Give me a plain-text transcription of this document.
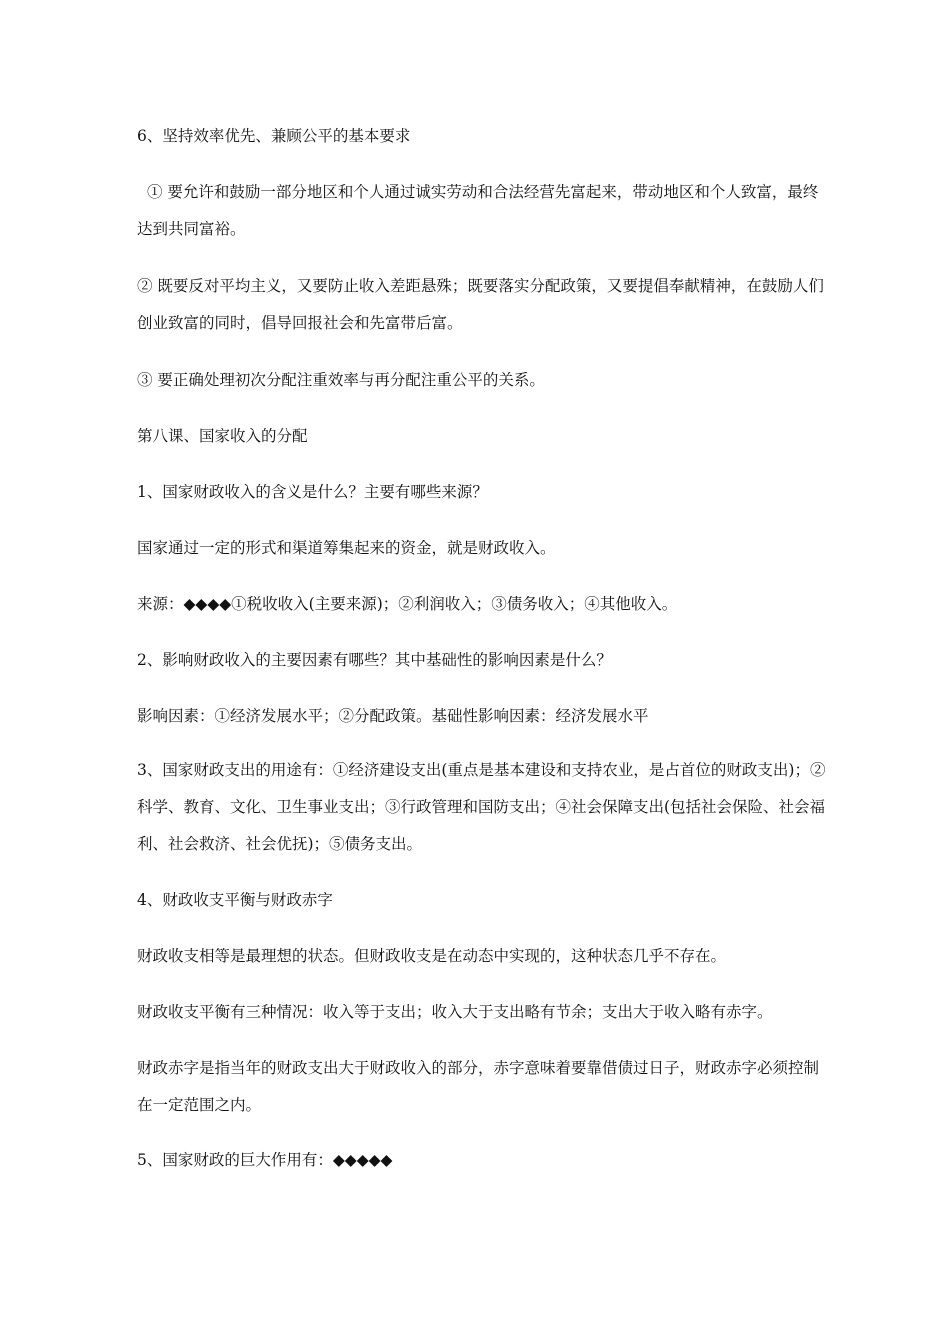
6、坚持效率优先、兼顾公平的基本要求

① 要允许和鼓励一部分地区和个人通过诚实劳动和合法经营先富起来，带动地区和个人致富，最终达到共同富裕。

② 既要反对平均主义，又要防止收入差距悬殊；既要落实分配政策，又要提倡奉献精神，在鼓励人们创业致富的同时，倡导回报社会和先富带后富。

③ 要正确处理初次分配注重效率与再分配注重公平的关系。

第八课、国家收入的分配

1、国家财政收入的含义是什么？主要有哪些来源？

国家通过一定的形式和渠道筹集起来的资金，就是财政收入。

来源：◆◆◆◆①税收收入(主要来源)；②利润收入；③债务收入；④其他收入。

2、影响财政收入的主要因素有哪些？其中基础性的影响因素是什么？

影响因素：①经济发展水平；②分配政策。基础性影响因素：经济发展水平

3、国家财政支出的用途有：①经济建设支出(重点是基本建设和支持农业，是占首位的财政支出)；②科学、教育、文化、卫生事业支出；③行政管理和国防支出；④社会保障支出(包括社会保险、社会福利、社会救济、社会优抚)；⑤债务支出。

4、财政收支平衡与财政赤字

财政收支相等是最理想的状态。但财政收支是在动态中实现的，这种状态几乎不存在。

财政收支平衡有三种情况：收入等于支出；收入大于支出略有节余；支出大于收入略有赤字。

财政赤字是指当年的财政支出大于财政收入的部分，赤字意味着要靠借债过日子，财政赤字必须控制在一定范围之内。

5、国家财政的巨大作用有：◆◆◆◆◆
